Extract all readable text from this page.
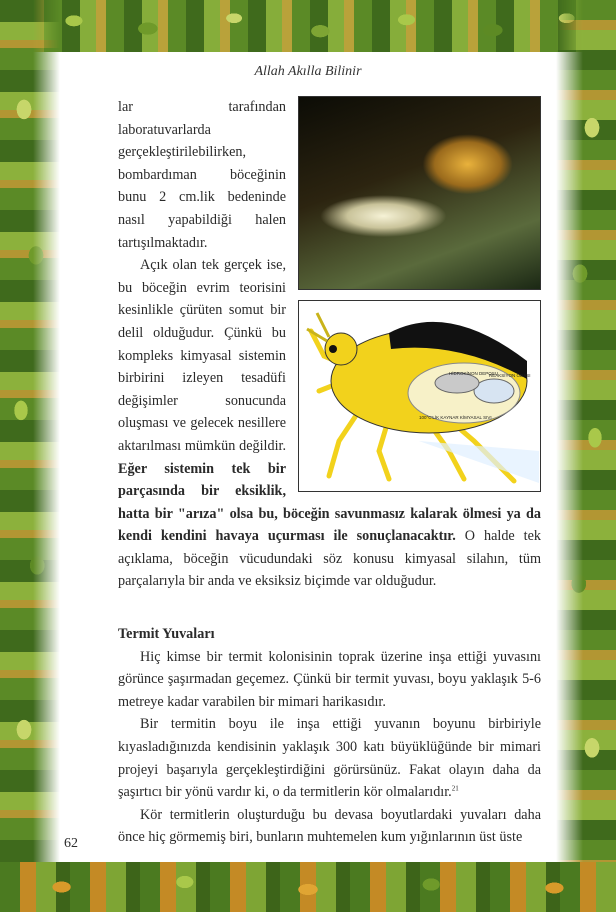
Allah Akılla Bilinir
HİDROKİNON DEPOSU
REAKSİYON ODASI
100°C'LİK KAYNAR KİMYASAL SIVI

lar tarafından laboratuvarlarda gerçekleştirilebilirken, bombardıman böceğinin bunu 2 cm.lik bedeninde nasıl yapabildiği halen tartışılmaktadır.

Açık olan tek gerçek ise, bu böceğin evrim teorisini kesinlikle çürüten somut bir delil olduğudur. Çünkü bu kompleks kimyasal sistemin birbirini izleyen tesadüfi değişimler sonucunda oluşması ve gelecek nesillere aktarılması mümkün değildir. Eğer sistemin tek bir parçasında bir eksiklik, hatta bir "arıza" olsa bu, böceğin savunmasız kalarak ölmesi ya da kendi kendini havaya uçurması ile sonuçlanacaktır. O halde tek açıklama, böceğin vücudundaki söz konusu kimyasal silahın, tüm parçalarıyla bir anda ve eksiksiz biçimde var olduğudur.

Termit Yuvaları

Hiç kimse bir termit kolonisinin toprak üzerine inşa ettiği yuvasını görünce şaşırmadan geçemez. Çünkü bir termit yuvası, boyu yaklaşık 5-6 metreye kadar varabilen bir mimari harikasıdır.

Bir termitin boyu ile inşa ettiği yuvanın boyunu birbiriyle kıyasladığınızda kendisinin yaklaşık 300 katı büyüklüğünde bir mimari projeyi başarıyla gerçekleştirdiğini görürsünüz. Fakat olayın daha da şaşırtıcı bir yönü vardır ki, o da termitlerin kör olmalarıdır.$^{21}$

Kör termitlerin oluşturduğu bu devasa boyutlardaki yuvaları daha önce hiç görmemiş biri, bunların muhtemelen kum yığınlarının üst üste

62
